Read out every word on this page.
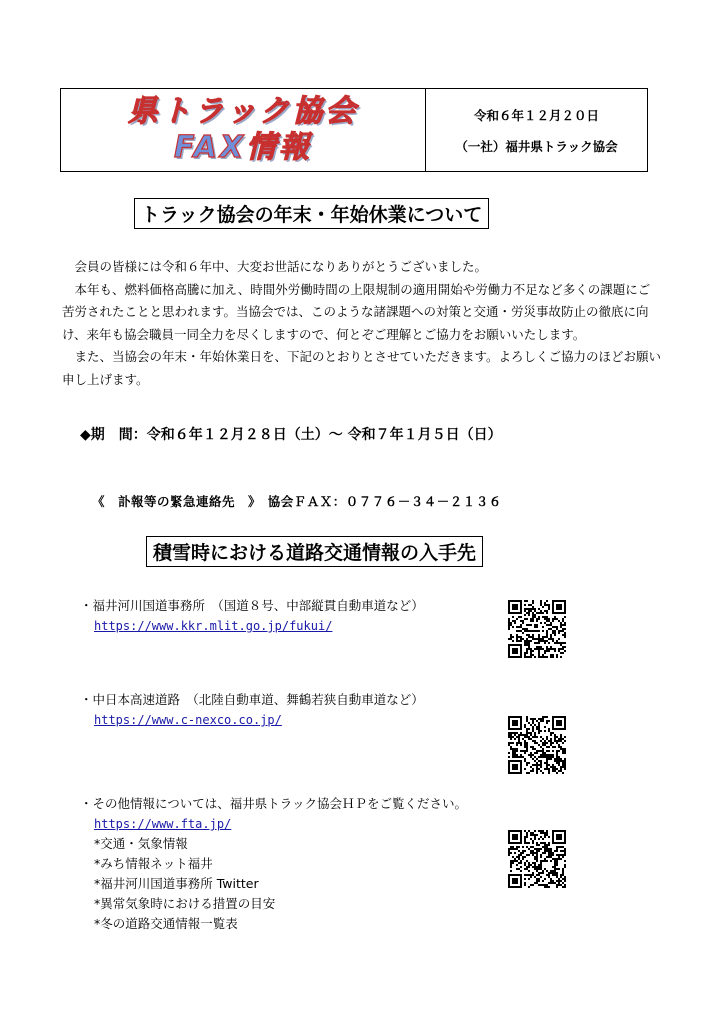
県トラック協会
FAX情報
令和６年１２月２０日
（一社）福井県トラック協会
トラック協会の年末・年始休業について

会員の皆様には令和６年中、大変お世話になりありがとうございました。

本年も、燃料価格高騰に加え、時間外労働時間の上限規制の適用開始や労働力不足など多くの課題にご苦労されたことと思われます。当協会では、このような諸課題への対策と交通・労災事故防止の徹底に向け、来年も協会職員一同全力を尽くしますので、何とぞご理解とご協力をお願いいたします。

また、当協会の年末・年始休業日を、下記のとおりとさせていただきます。よろしくご協力のほどお願い申し上げます。

◆期　間：令和６年１２月２８日（土）～ 令和７年１月５日（日）
《　訃報等の緊急連絡先　》　協会ＦＡＸ：０７７６－３４－２１３６
積雪時における道路交通情報の入手先
・福井河川国道事務所　（国道８号、中部縦貫自動車道など）
https://www.kkr.mlit.go.jp/fukui/
・中日本高速道路　（北陸自動車道、舞鶴若狭自動車道など）
https://www.c-nexco.co.jp/
・その他情報については、福井県トラック協会ＨＰをご覧ください。
https://www.fta.jp/
*交通・気象情報
*みち情報ネット福井
*福井河川国道事務所 Twitter
*異常気象時における措置の目安
*冬の道路交通情報一覧表
